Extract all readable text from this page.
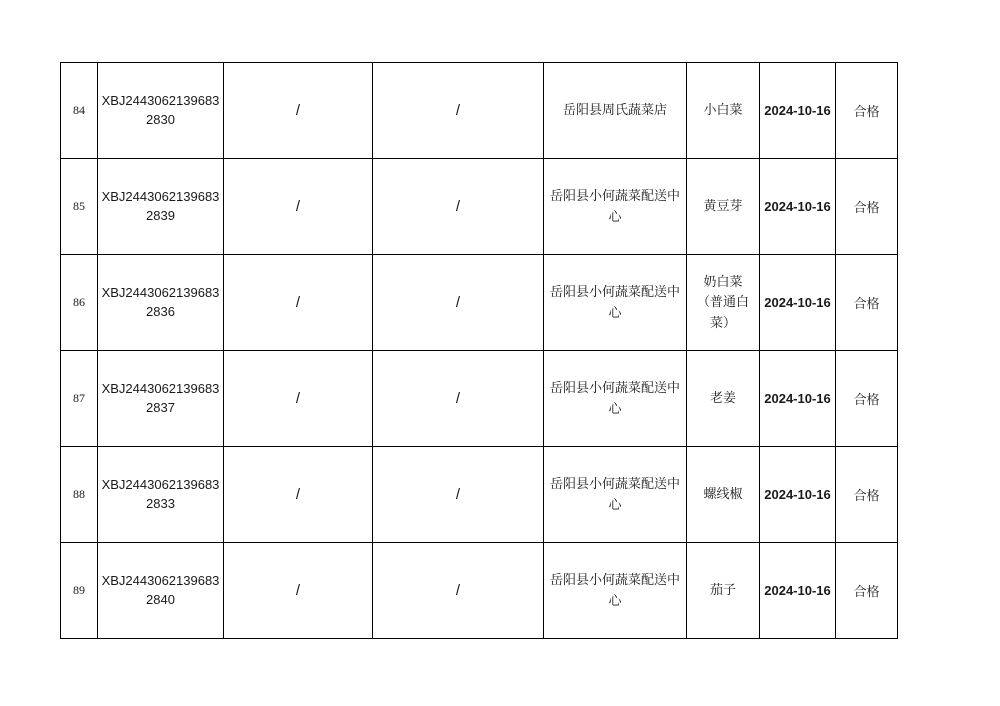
84	XBJ24430621396832830	/	/	岳阳县周氏蔬菜店	小白菜	2024-10-16	合格
85	XBJ24430621396832839	/	/	岳阳县小何蔬菜配送中心	黄豆芽	2024-10-16	合格
86	XBJ24430621396832836	/	/	岳阳县小何蔬菜配送中心	奶白菜（普通白菜）	2024-10-16	合格
87	XBJ24430621396832837	/	/	岳阳县小何蔬菜配送中心	老姜	2024-10-16	合格
88	XBJ24430621396832833	/	/	岳阳县小何蔬菜配送中心	螺线椒	2024-10-16	合格
89	XBJ24430621396832840	/	/	岳阳县小何蔬菜配送中心	茄子	2024-10-16	合格
